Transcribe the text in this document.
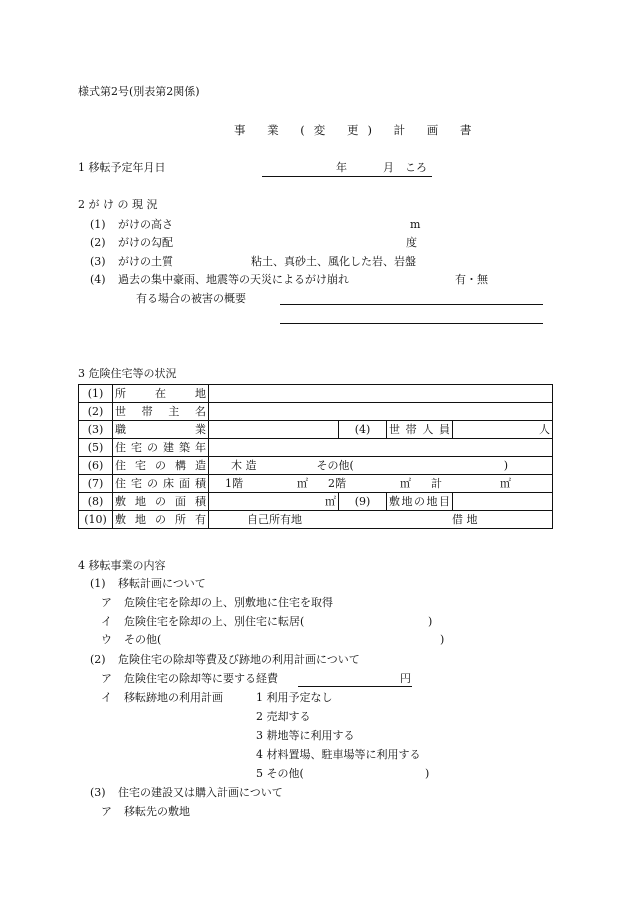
様式第2号(別表第2関係)
事 業 (変 更) 計 画 書
1 移転予定年月日	年	月 ころ
2 が け の 現 況
(1) がけの高さ	m
(2) がけの勾配	度
(3) がけの土質	粘土、真砂土、風化した岩、岩盤
(4) 過去の集中豪雨、地震等の天災によるがけ崩れ	有・無
有る場合の被害の概要
3 危険住宅等の状況
(1)	所在地				
(2)	世帯主名				
(3)	職業		(4)	世帯人員	人
(5)	住宅の建築年				
(6)	住宅の構造	木 造 その他( )			
(7)	住宅の床面積	1階 ㎡ 2階 ㎡ 計 ㎡			
(8)	敷地の面積	㎡	(9)	敷地の地目	
(10)	敷地の所有	自己所有地 借 地			
4 移転事業の内容
(1) 移転計画について
ア 危険住宅を除却の上、別敷地に住宅を取得
イ 危険住宅を除却の上、別住宅に転居(	)
ウ その他(	)
(2) 危険住宅の除却等費及び跡地の利用計画について
ア 危険住宅の除却等に要する経費	円
イ 移転跡地の利用計画	1 利用予定なし
2 売却する
3 耕地等に利用する
4 材料置場、駐車場等に利用する
5 その他(	)
(3) 住宅の建設又は購入計画について
ア 移転先の敷地
